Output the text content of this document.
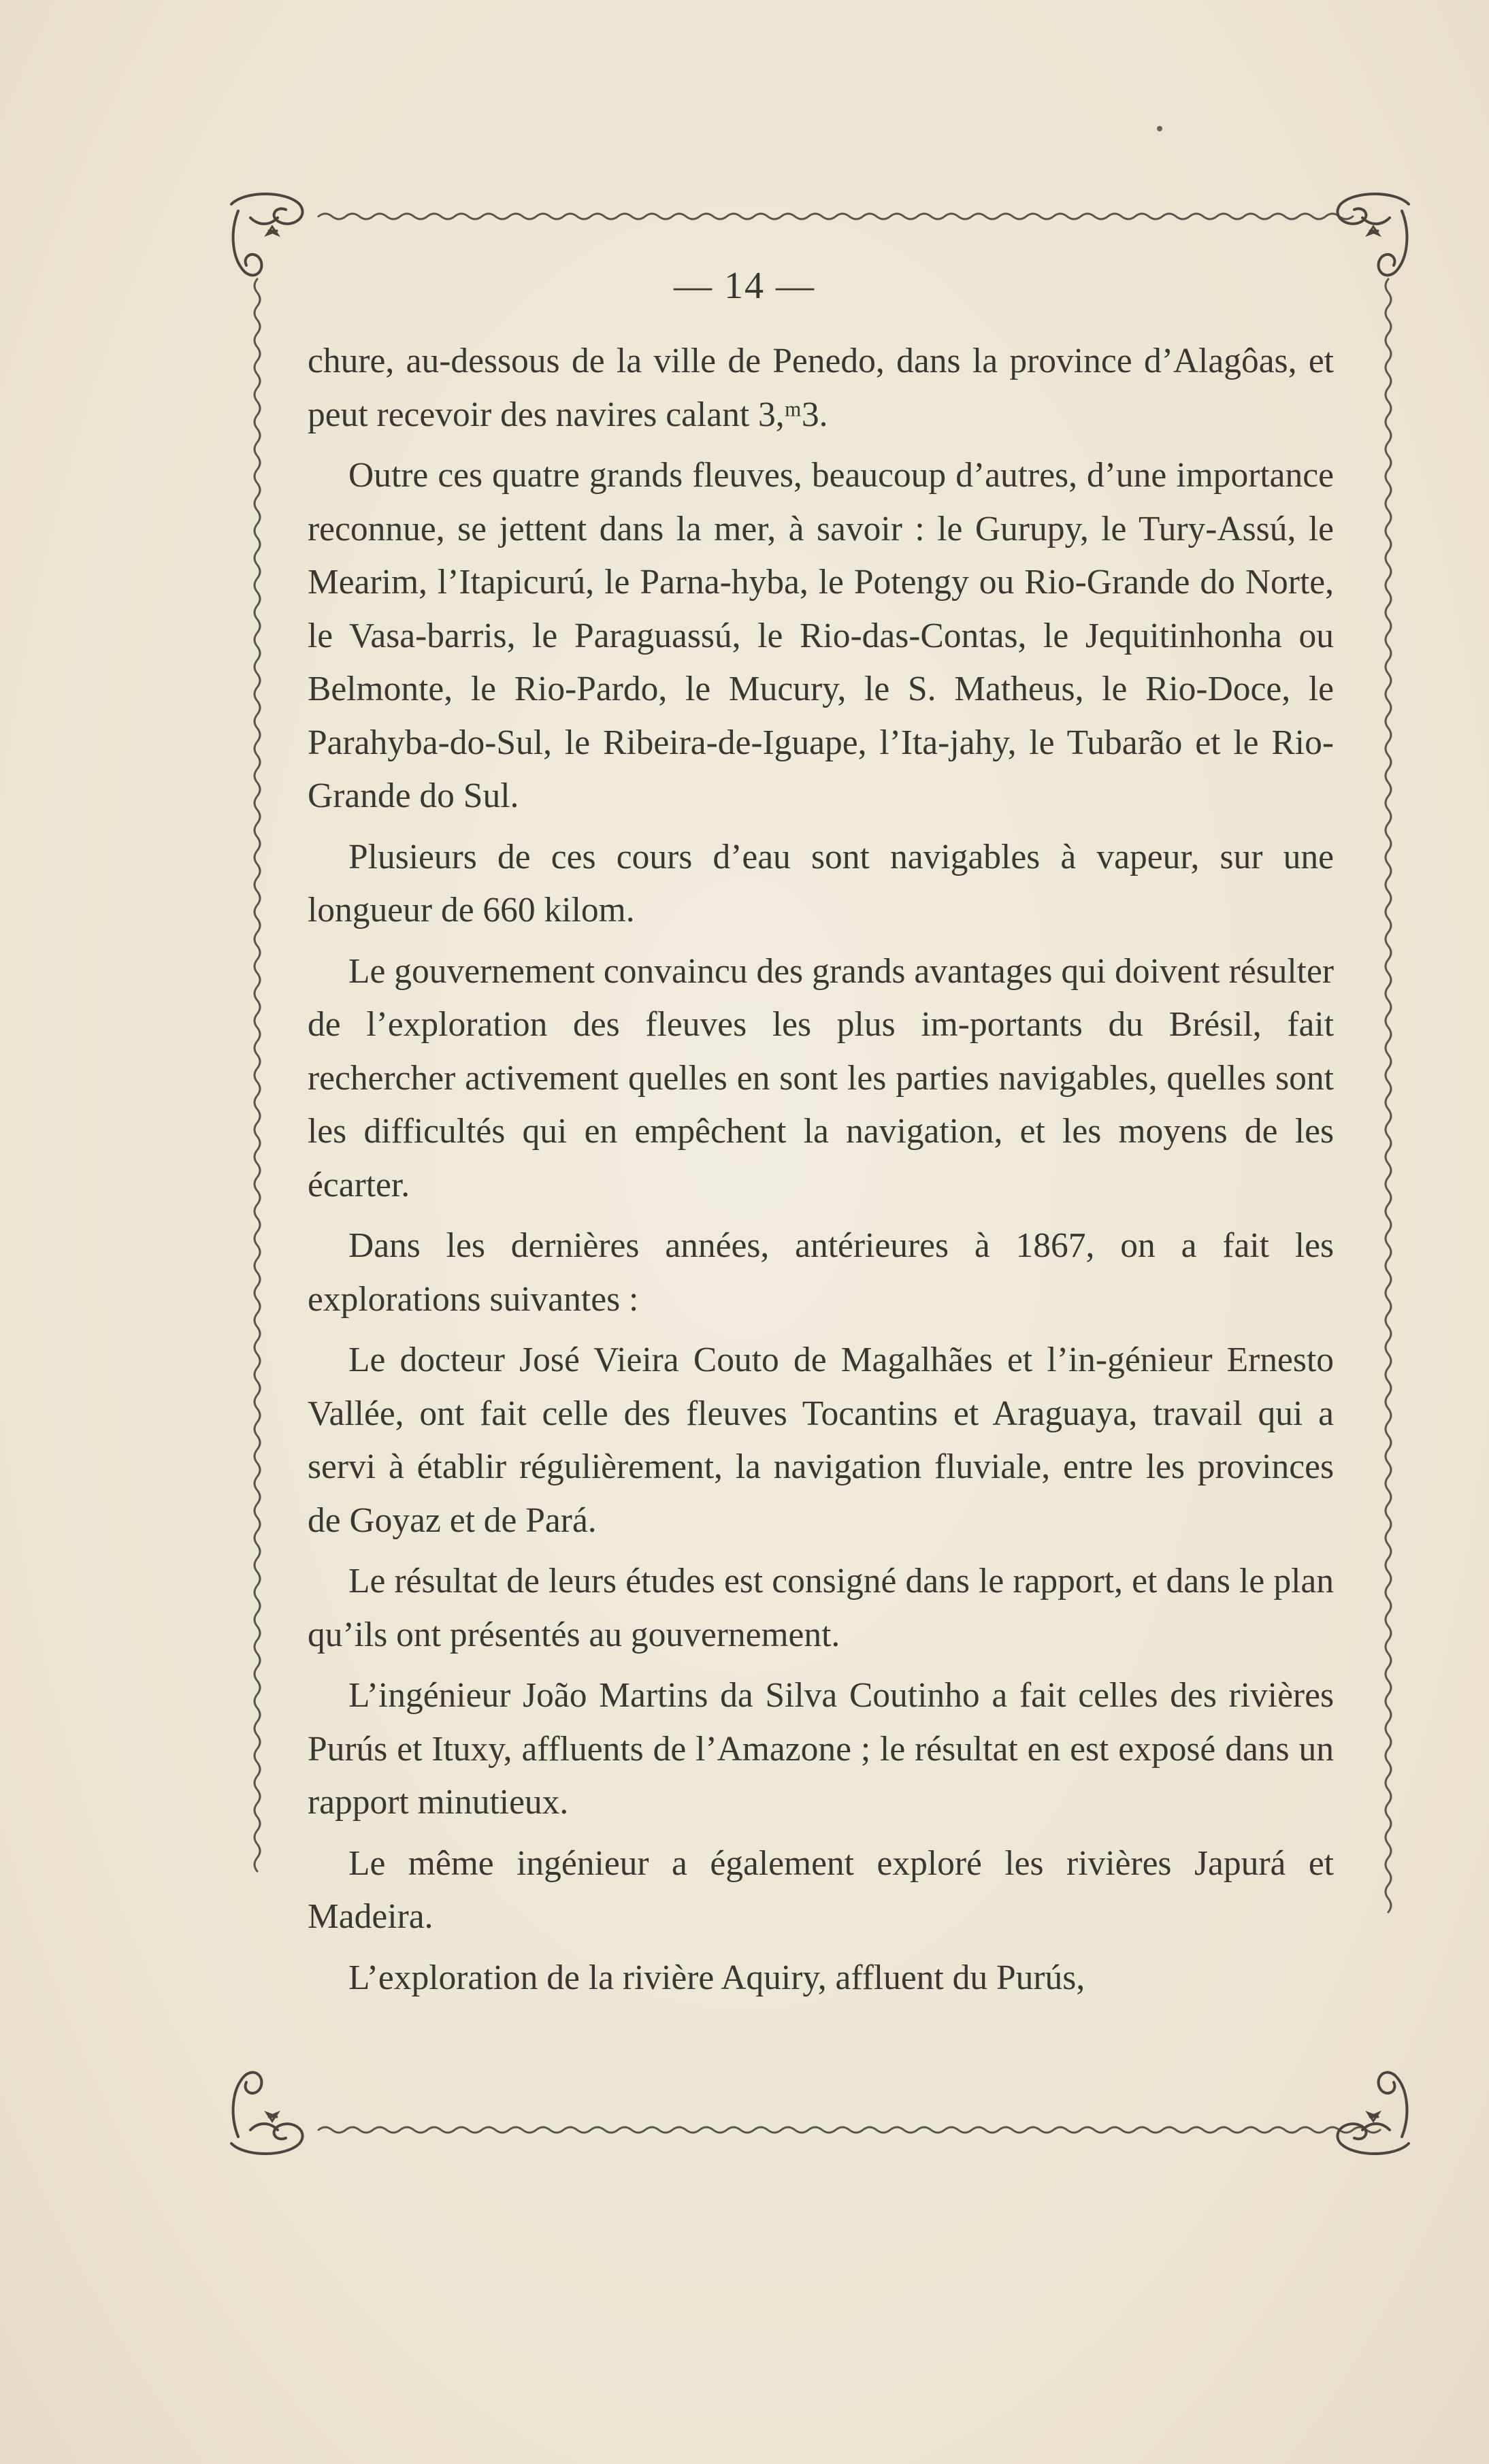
— 14 —

chure, au-dessous de la ville de Penedo, dans la province d’Alagôas, et peut recevoir des navires calant 3,ᵐ3.

Outre ces quatre grands fleuves, beaucoup d’autres, d’une importance reconnue, se jettent dans la mer, à savoir : le Gurupy, le Tury-Assú, le Mearim, l’Itapicurú, le Parna-hyba, le Potengy ou Rio-Grande do Norte, le Vasa-barris, le Paraguassú, le Rio-das-Contas, le Jequitinhonha ou Belmonte, le Rio-Pardo, le Mucury, le S. Matheus, le Rio-Doce, le Parahyba-do-Sul, le Ribeira-de-Iguape, l’Ita-jahy, le Tubarão et le Rio-Grande do Sul.

Plusieurs de ces cours d’eau sont navigables à vapeur, sur une longueur de 660 kilom.

Le gouvernement convaincu des grands avantages qui doivent résulter de l’exploration des fleuves les plus im-portants du Brésil, fait rechercher activement quelles en sont les parties navigables, quelles sont les difficultés qui en empêchent la navigation, et les moyens de les écarter.

Dans les dernières années, antérieures à 1867, on a fait les explorations suivantes :

Le docteur José Vieira Couto de Magalhães et l’in-génieur Ernesto Vallée, ont fait celle des fleuves Tocantins et Araguaya, travail qui a servi à établir régulièrement, la navigation fluviale, entre les provinces de Goyaz et de Pará.

Le résultat de leurs études est consigné dans le rapport, et dans le plan qu’ils ont présentés au gouvernement.

L’ingénieur João Martins da Silva Coutinho a fait celles des rivières Purús et Ituxy, affluents de l’Amazone ; le résultat en est exposé dans un rapport minutieux.

Le même ingénieur a également exploré les rivières Japurá et Madeira.

L’exploration de la rivière Aquiry, affluent du Purús,
